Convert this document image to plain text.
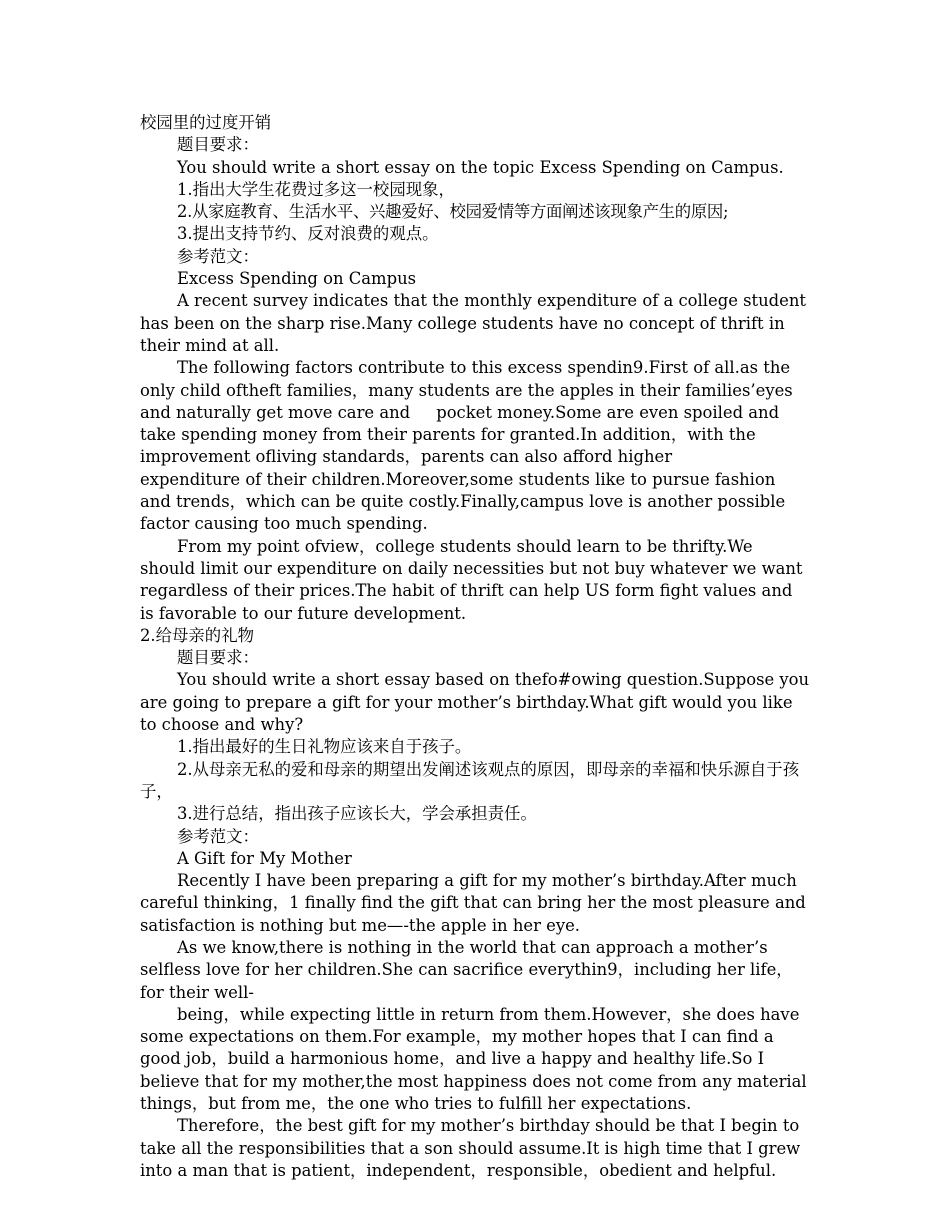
校园里的过度开销

题目要求：

You should write a short essay on the topic Excess Spending on Campus.

1.指出大学生花费过多这一校园现象，

2.从家庭教育、生活水平、兴趣爱好、校园爱情等方面阐述该现象产生的原因;

3.提出支持节约、反对浪费的观点。

参考范文：

Excess Spending on Campus

A recent survey indicates that the monthly expenditure of a college student has been on the sharp rise.Many college students have no concept of thrift in their mind at all.

The following factors contribute to this excess spendin9.First of all.as the only child oftheft families，many students are the apples in their families’eyes and naturally get move care and     pocket money.Some are even spoiled and take spending money from their parents for granted.In addition，with the improvement ofliving standards，parents can also afford higher         expenditure of their children.Moreover,some students like to pursue fashion and trends，which can be quite costly.Finally,campus love is another possible factor causing too much spending.

From my point ofview，college students should learn to be thrifty.We should limit our expenditure on daily necessities but not buy whatever we want regardless of their prices.The habit of thrift can help US form fight values and is favorable to our future development.

2.给母亲的礼物

题目要求：

You should write a short essay based on thefo#owing question.Suppose you are going to prepare a gift for your mother’s birthday.What gift would you like to choose and why?

1.指出最好的生日礼物应该来自于孩子。

2.从母亲无私的爱和母亲的期望出发阐述该观点的原因，即母亲的幸福和快乐源自于孩子，

3.进行总结，指出孩子应该长大，学会承担责任。

参考范文：

A Gift for My Mother

Recently I have been preparing a gift for my mother’s birthday.After much careful thinking，1 finally find the gift that can bring her the most pleasure and satisfaction is nothing but me—-the apple in her eye.

As we know,there is nothing in the world that can approach a mother’s selfless love for her children.She can sacrifice everythin9，including her life，for their well-

being，while expecting little in return from them.However，she does have some expectations on them.For example，my mother hopes that I can find a good job，build a harmonious home，and live a happy and healthy life.So I believe that for my mother,the most happiness does not come from any material things，but from me，the one who tries to fulfill her expectations.

Therefore，the best gift for my mother’s birthday should be that I begin to take all the responsibilities that a son should assume.It is high time that I grew into a man that is patient，independent，responsible，obedient and helpful.
